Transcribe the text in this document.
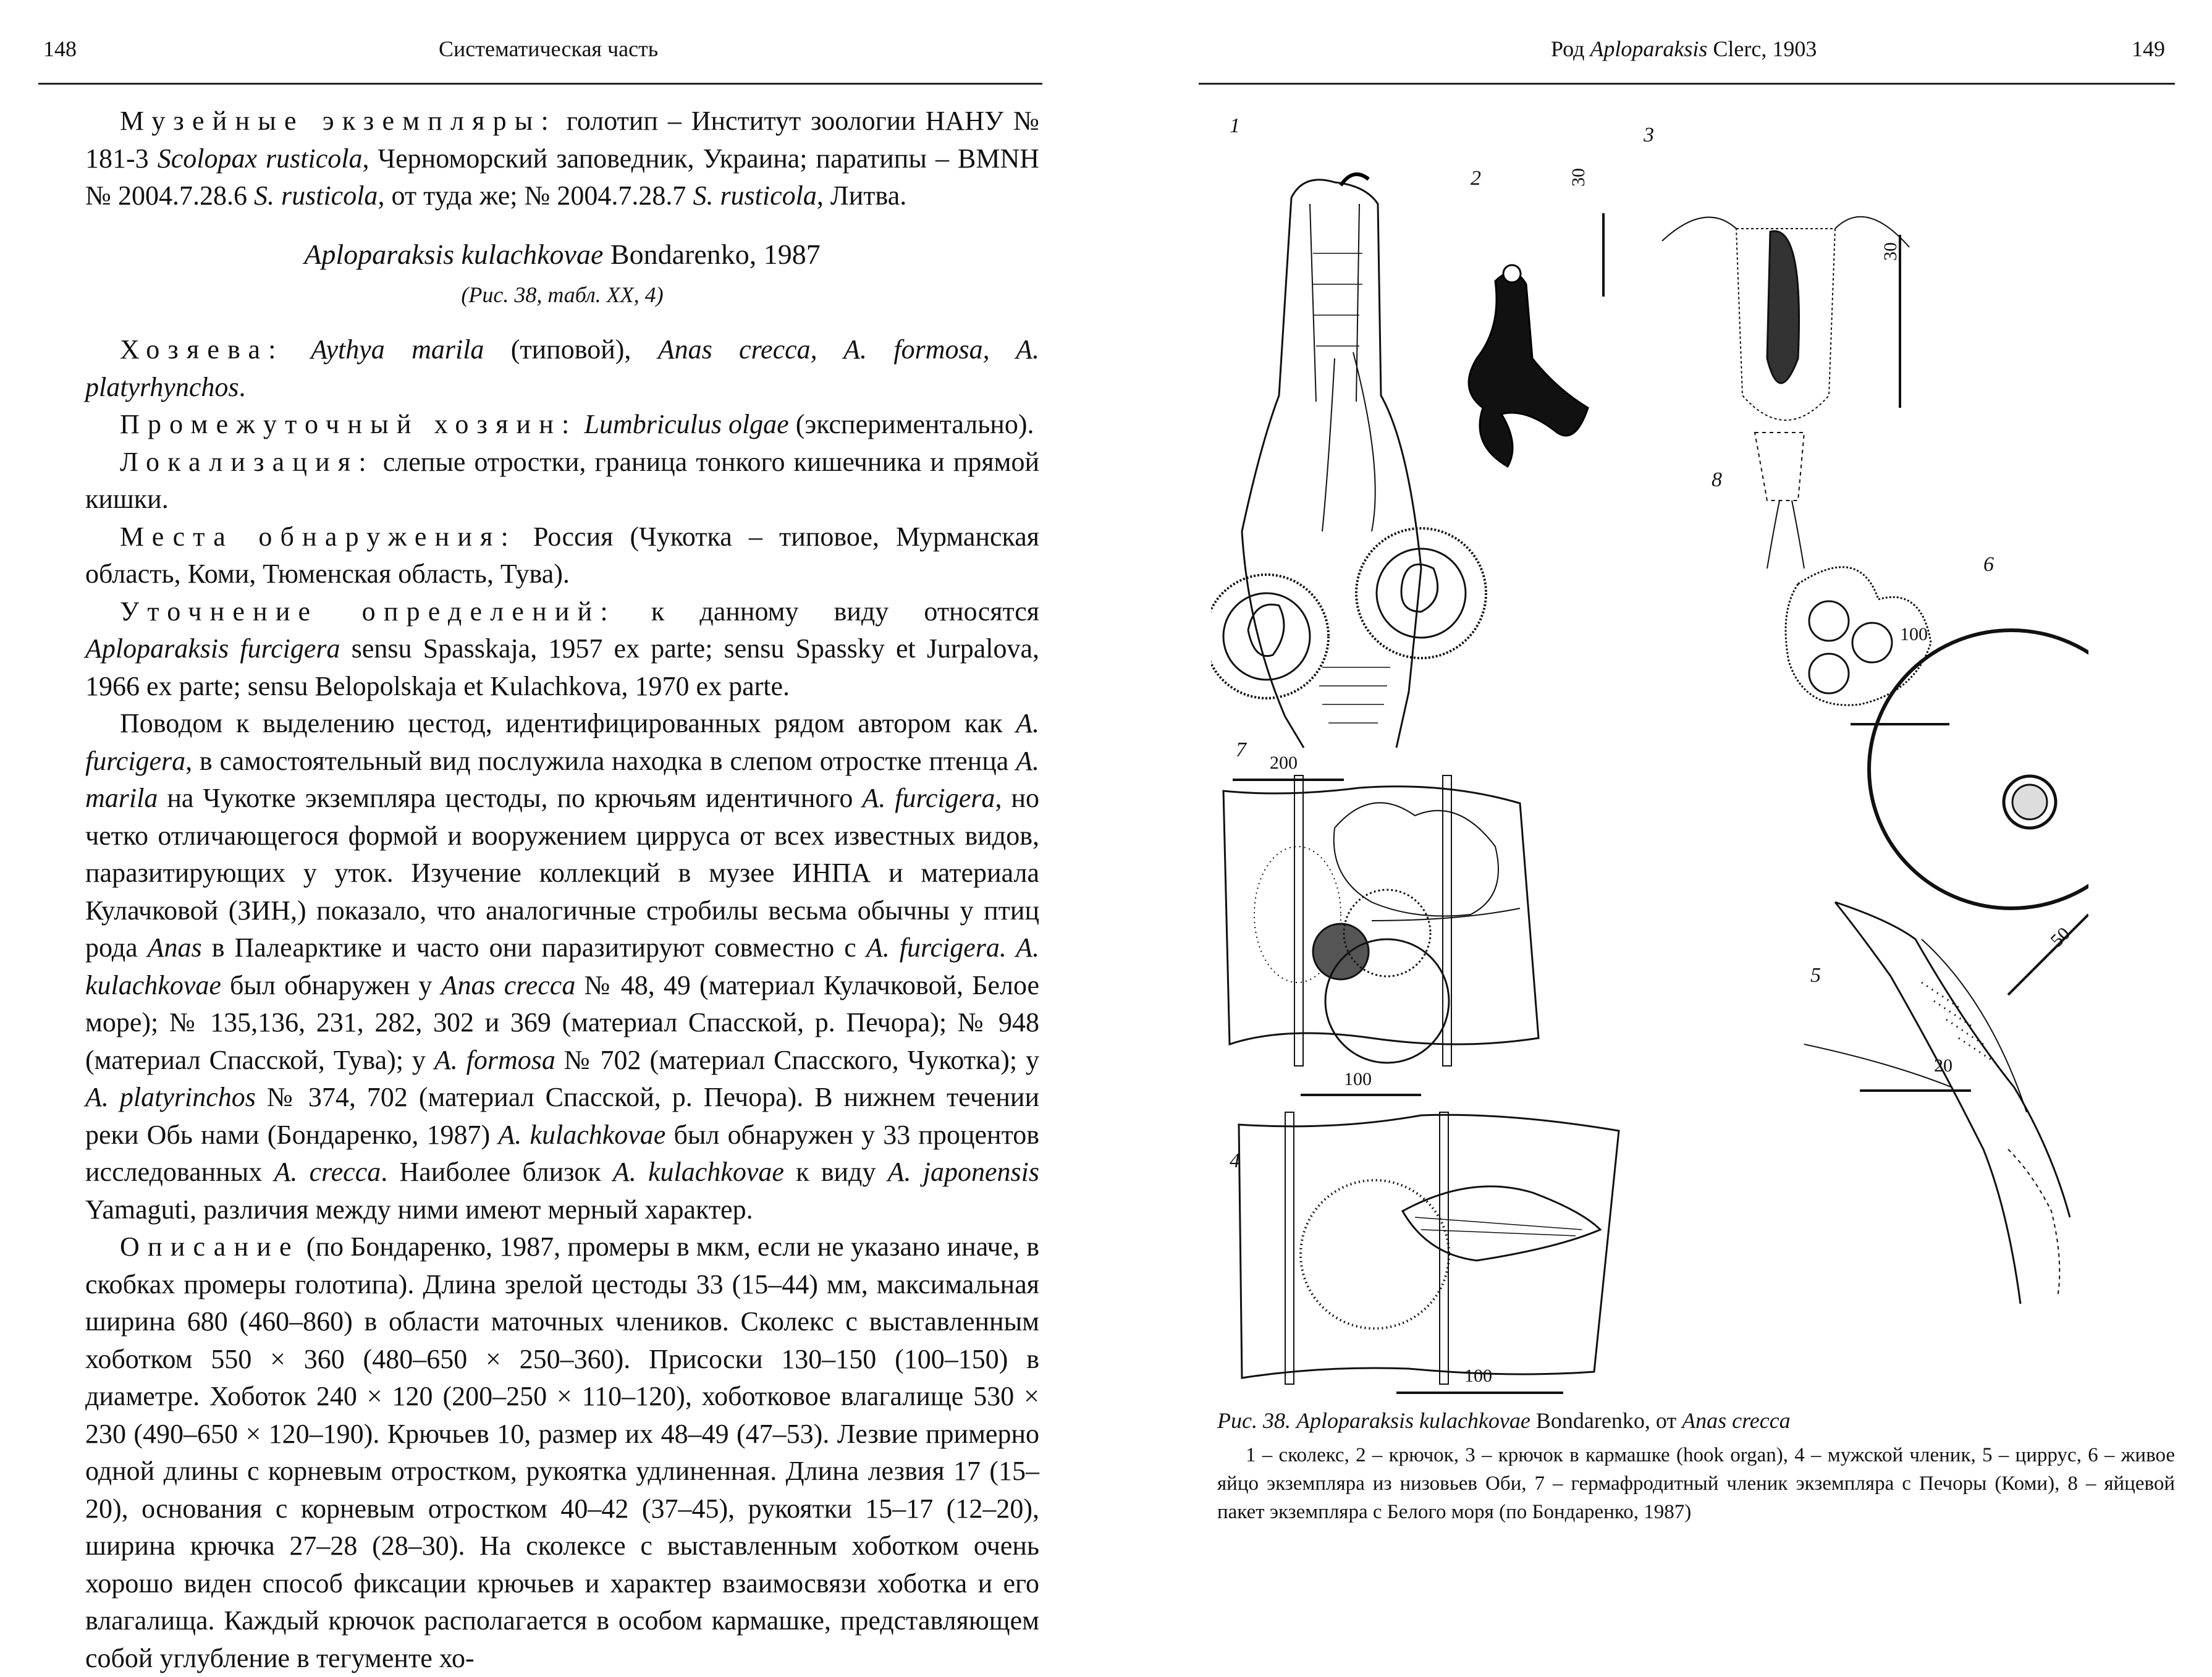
148	Систематическая часть

Музейные экземпляры: голотип – Институт зоологии НАНУ № 181-3 Scolopax rusticola, Черноморский заповедник, Украина; паратипы – BMNH № 2004.7.28.6 S. rusticola, от туда же; № 2004.7.28.7 S. rusticola, Литва.

Aploparaksis kulachkovae Bondarenko, 1987

(Рис. 38, табл. XX, 4)

Хозяева: Aythya marila (типовой), Anas crecca, A. formosa, A. platyrhynchos.

Промежуточный хозяин: Lumbriculus olgae (экспериментально).

Локализация: слепые отростки, граница тонкого кишечника и прямой кишки.

Места обнаружения: Россия (Чукотка – типовое, Мурманская область, Коми, Тюменская область, Тува).

Уточнение определений: к данному виду относятся Aploparaksis furcigera sensu Spasskaja, 1957 ex parte; sensu Spassky et Jurpalova, 1966 ex parte; sensu Belopolskaja et Kulachkova, 1970 ex parte.

Поводом к выделению цестод, идентифицированных рядом автором как A. furcigera, в самостоятельный вид послужила находка в слепом отростке птенца A. marila на Чукотке экземпляра цестоды, по крючьям идентичного A. furcigera, но четко отличающегося формой и вооружением цирруса от всех известных видов, паразитирующих у уток. Изучение коллекций в музее ИНПА и материала Кулачковой (ЗИН,) показало, что аналогичные стробилы весьма обычны у птиц рода Anas в Палеарктике и часто они паразитируют совместно с A. furcigera. A. kulachkovae был обнаружен у Anas crecca № 48, 49 (материал Кулачковой, Белое море); № 135,136, 231, 282, 302 и 369 (материал Спасской, р. Печора); № 948 (материал Спасской, Тува); у A. formosa № 702 (материал Спасского, Чукотка); у A. platyrinchos № 374, 702 (материал Спасской, р. Печора). В нижнем течении реки Обь нами (Бондаренко, 1987) A. kulachkovae был обнаружен у 33 процентов исследованных A. crecca. Наиболее близок A. kulachkovae к виду A. japonensis Yamaguti, различия между ними имеют мерный характер.

Описание (по Бондаренко, 1987, промеры в мкм, если не указано иначе, в скобках промеры голотипа). Длина зрелой цестоды 33 (15–44) мм, максимальная ширина 680 (460–860) в области маточных члеников. Сколекс с выставленным хоботком 550 × 360 (480–650 × 250–360). Присоски 130–150 (100–150) в диаметре. Хоботок 240 × 120 (200–250 × 110–120), хоботковое влагалище 530 × 230 (490–650 × 120–190). Крючьев 10, размер их 48–49 (47–53). Лезвие примерно одной длины с корневым отростком, рукоятка удлиненная. Длина лезвия 17 (15–20), основания с корневым отростком 40–42 (37–45), рукоятки 15–17 (12–20), ширина крючка 27–28 (28–30). На сколексе с выставленным хоботком очень хорошо виден способ фиксации крючьев и характер взаимосвязи хоботка и его влагалища. Каждый крючок располагается в особом кармашке, представляющем собой углубление в тегументе хо-

Род Aploparaksis Clerc, 1903	149
1
2
3
4
5
6
7
8
200
30
30
100
50
100
20
100
Рис. 38. Aploparaksis kulachkovae Bondarenko, от Anas crecca
1 – сколекс, 2 – крючок, 3 – крючок в кармашке (hook organ), 4 – мужской членик, 5 – циррус, 6 – живое яйцо экземпляра из низовьев Оби, 7 – гермафродитный членик экземпляра с Печоры (Коми), 8 – яйцевой пакет экземпляра с Белого моря (по Бондаренко, 1987)
